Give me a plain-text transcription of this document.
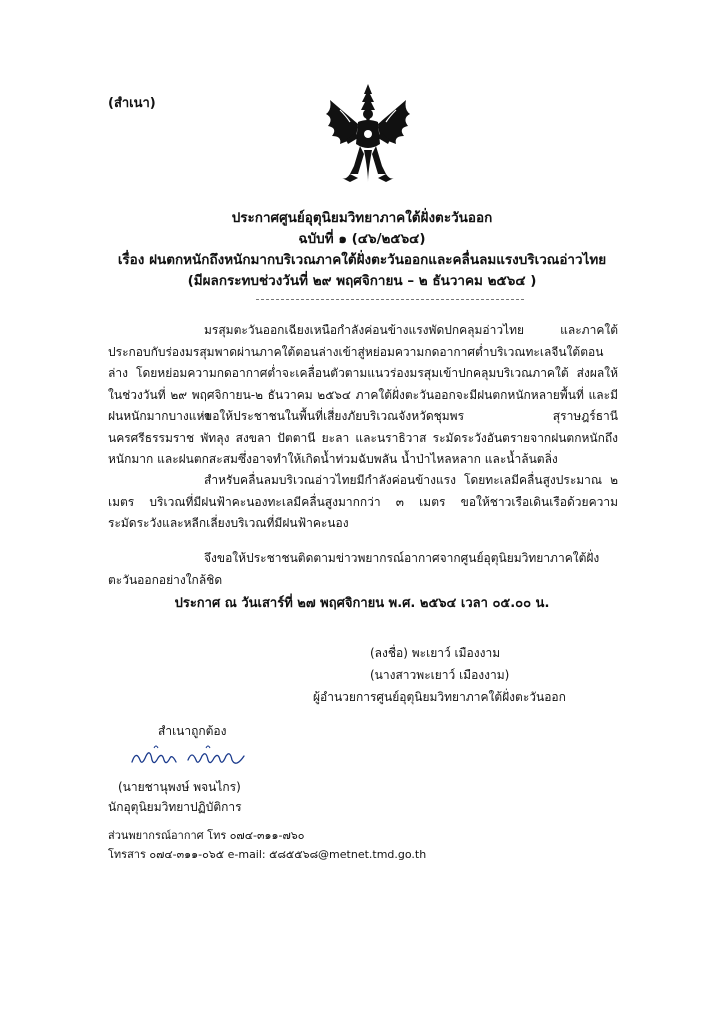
(สำเนา)
ประกาศศูนย์อุตุนิยมวิทยาภาคใต้ฝั่งตะวันออก
ฉบับที่ ๑ (๔๖/๒๕๖๔)
เรื่อง ฝนตกหนักถึงหนักมากบริเวณภาคใต้ฝั่งตะวันออกและคลื่นลมแรงบริเวณอ่าวไทย
(มีผลกระทบช่วงวันที่ ๒๙ พฤศจิกายน – ๒ ธันวาคม ๒๕๖๔ )

มรสุมตะวันออกเฉียงเหนือกำลังค่อนข้างแรงพัดปกคลุมอ่าวไทย และภาคใต้ ประกอบกับร่องมรสุมพาดผ่านภาคใต้ตอนล่างเข้าสู่หย่อมความกดอากาศต่ำบริเวณทะเลจีนใต้ตอนล่าง โดยหย่อมความกดอากาศต่ำจะเคลื่อนตัวตามแนวร่องมรสุมเข้าปกคลุมบริเวณภาคใต้ ส่งผลให้ในช่วงวันที่ ๒๙ พฤศจิกายน-๒ ธันวาคม ๒๕๖๔ ภาคใต้ฝั่งตะวันออกจะมีฝนตกหนักหลายพื้นที่ และมีฝนหนักมากบางแห่ง

ขอให้ประชาชนในพื้นที่เสี่ยงภัยบริเวณจังหวัดชุมพร สุราษฎร์ธานี นครศรีธรรมราช พัทลุง สงขลา ปัตตานี ยะลา และนราธิวาส ระมัดระวังอันตรายจากฝนตกหนักถึงหนักมาก และฝนตกสะสมซึ่งอาจทำให้เกิดน้ำท่วมฉับพลัน น้ำป่าไหลหลาก และน้ำล้นตลิ่ง

สำหรับคลื่นลมบริเวณอ่าวไทยมีกำลังค่อนข้างแรง โดยทะเลมีคลื่นสูงประมาณ ๒ เมตร บริเวณที่มีฝนฟ้าคะนองทะเลมีคลื่นสูงมากกว่า ๓ เมตร ขอให้ชาวเรือเดินเรือด้วยความระมัดระวังและหลีกเลี่ยงบริเวณที่มีฝนฟ้าคะนอง

จึงขอให้ประชาชนติดตามข่าวพยากรณ์อากาศจากศูนย์อุตุนิยมวิทยาภาคใต้ฝั่งตะวันออกอย่างใกล้ชิด

ประกาศ ณ วันเสาร์ที่ ๒๗ พฤศจิกายน พ.ศ. ๒๕๖๔ เวลา ๐๕.๐๐ น.
(ลงชื่อ) พะเยาว์ เมืองงาม
(นางสาวพะเยาว์ เมืองงาม)
ผู้อำนวยการศูนย์อุตุนิยมวิทยาภาคใต้ฝั่งตะวันออก
สำเนาถูกต้อง
(นายชานุพงษ์ พจนไกร)
นักอุตุนิยมวิทยาปฏิบัติการ
ส่วนพยากรณ์อากาศ โทร ๐๗๔-๓๑๑-๗๖๐
โทรสาร ๐๗๔-๓๑๑-๐๖๕ e-mail: ๕๘๕๕๖๘@metnet.tmd.go.th
